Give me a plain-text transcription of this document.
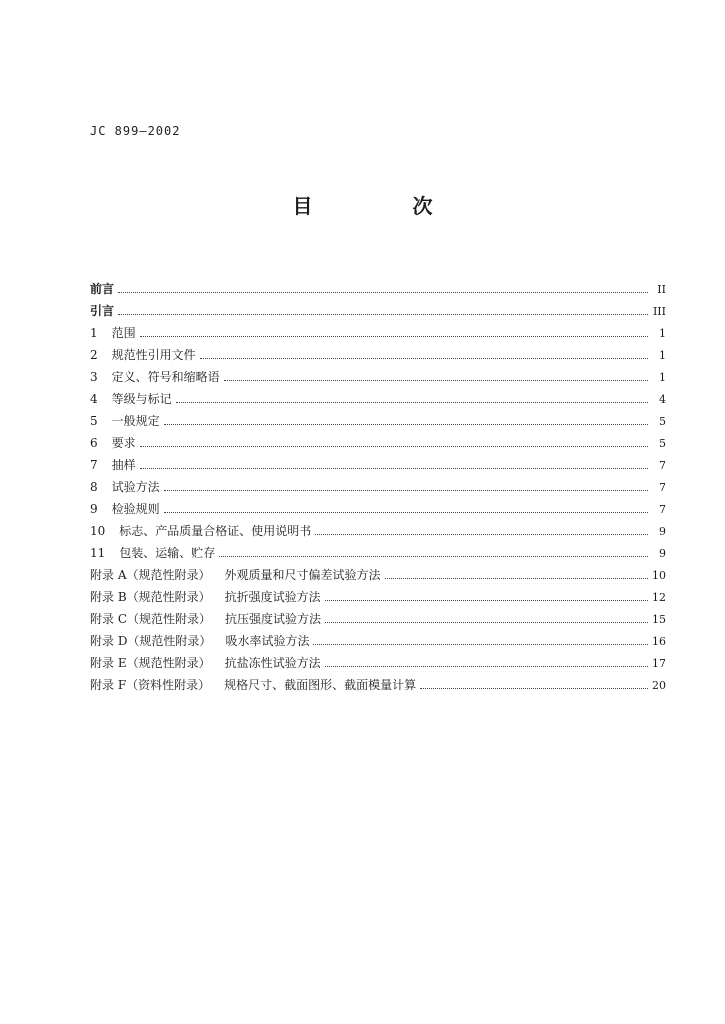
JC 899—2002
目　次
前言	II
引言	III
1 范围	1
2 规范性引用文件	1
3 定义、符号和缩略语	1
4 等级与标记	4
5 一般规定	5
6 要求	5
7 抽样	7
8 试验方法	7
9 检验规则	7
10 标志、产品质量合格证、使用说明书	9
11 包装、运输、贮存	9
附录 A（规范性附录） 外观质量和尺寸偏差试验方法	10
附录 B（规范性附录） 抗折强度试验方法	12
附录 C（规范性附录） 抗压强度试验方法	15
附录 D（规范性附录） 吸水率试验方法	16
附录 E（规范性附录） 抗盐冻性试验方法	17
附录 F（资料性附录） 规格尺寸、截面图形、截面模量计算	20
